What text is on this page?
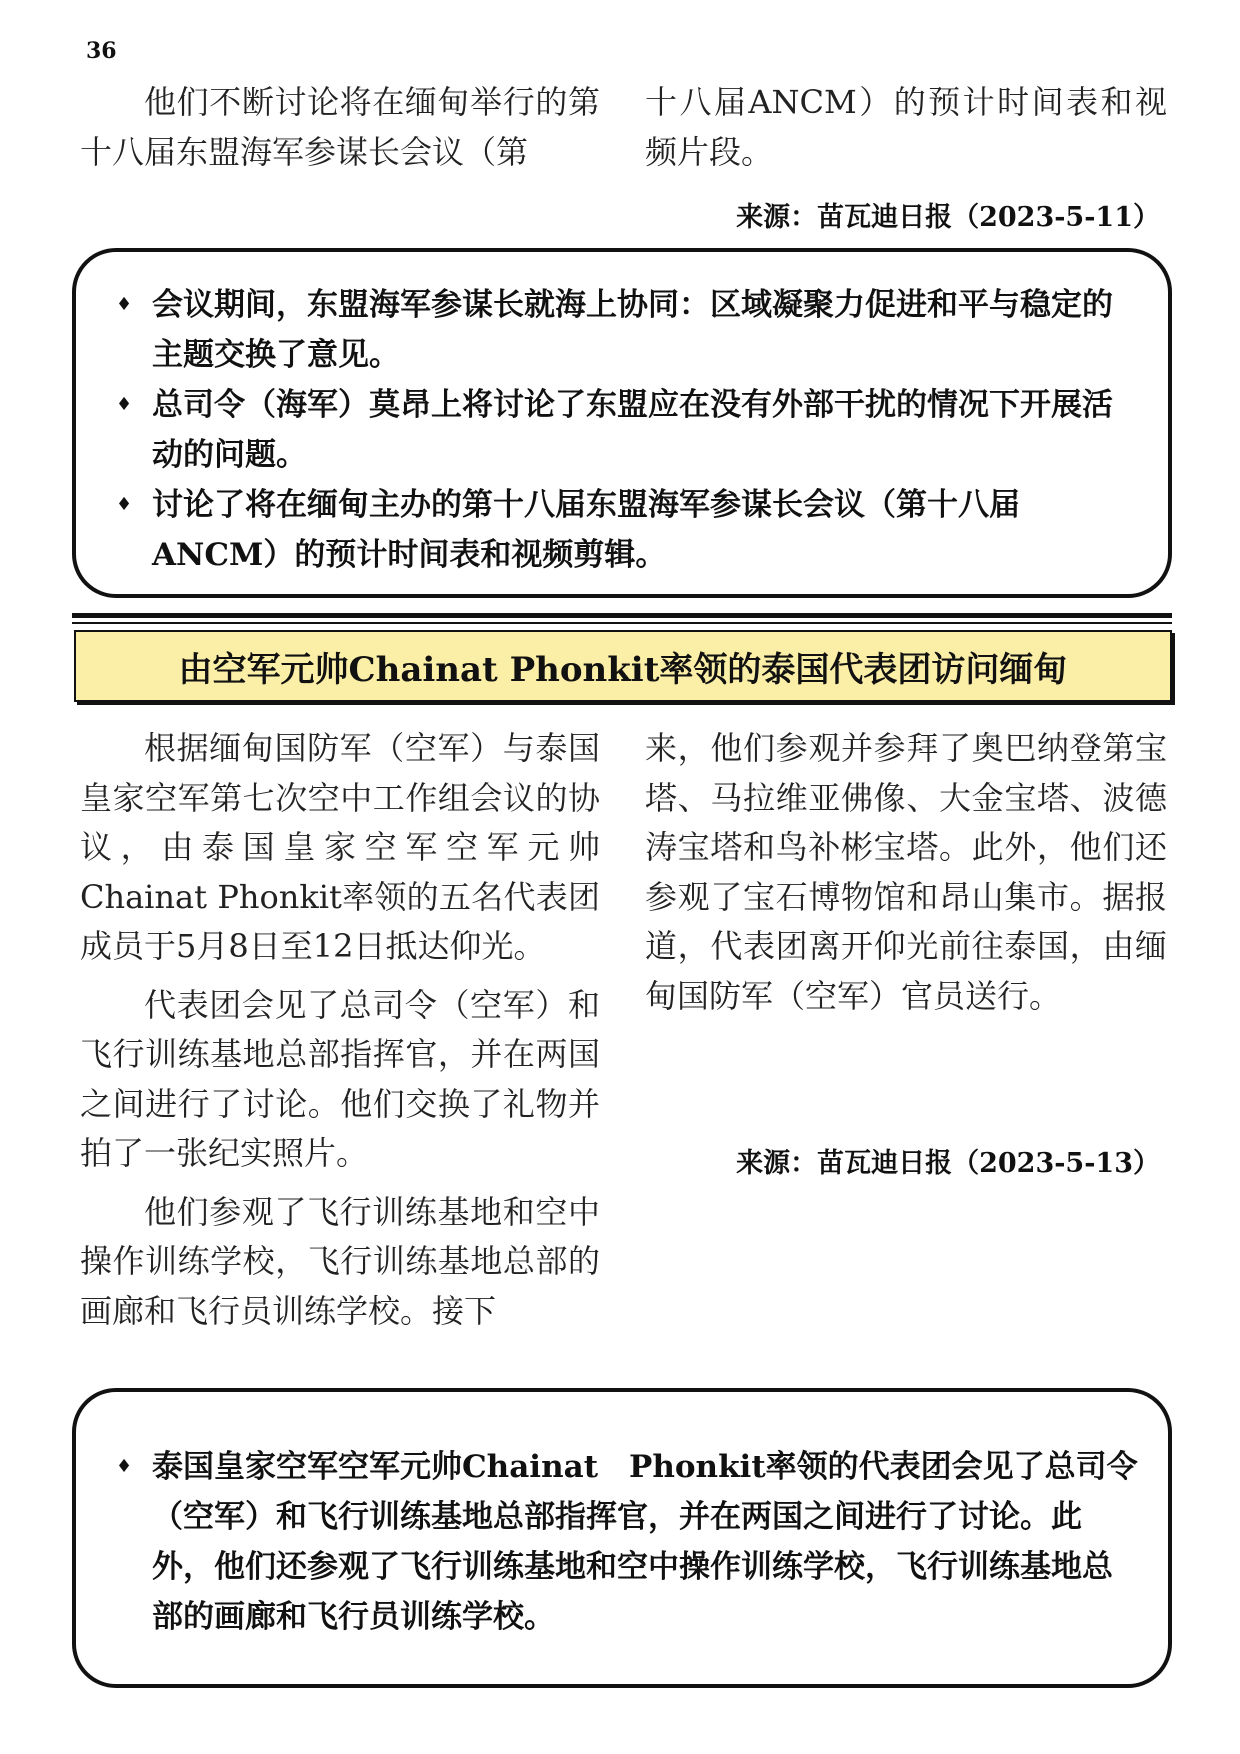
36

他们不断讨论将在缅甸举行的第十八届东盟海军参谋长会议（第

十八届ANCM）的预计时间表和视频片段。

来源：苗瓦迪日报（2023-5-11）
♦ 会议期间，东盟海军参谋长就海上协同：区域凝聚力促进和平与稳定的主题交换了意见。
♦ 总司令（海军）莫昂上将讨论了东盟应在没有外部干扰的情况下开展活动的问题。
♦ 讨论了将在缅甸主办的第十八届东盟海军参谋长会议（第十八届ANCM）的预计时间表和视频剪辑。
由空军元帅Chainat Phonkit率领的泰国代表团访问缅甸

根据缅甸国防军（空军）与泰国皇家空军第七次空中工作组会议的协议，由泰国皇家空军空军元帅Chainat Phonkit率领的五名代表团成员于5月8日至12日抵达仰光。

代表团会见了总司令（空军）和飞行训练基地总部指挥官，并在两国之间进行了讨论。他们交换了礼物并拍了一张纪实照片。

他们参观了飞行训练基地和空中操作训练学校，飞行训练基地总部的画廊和飞行员训练学校。接下

来，他们参观并参拜了奥巴纳登第宝塔、马拉维亚佛像、大金宝塔、波德涛宝塔和鸟补彬宝塔。此外，他们还参观了宝石博物馆和昂山集市。据报道，代表团离开仰光前往泰国，由缅甸国防军（空军）官员送行。

来源：苗瓦迪日报（2023-5-13）
♦ 泰国皇家空军空军元帅Chainat　Phonkit率领的代表团会见了总司令（空军）和飞行训练基地总部指挥官，并在两国之间进行了讨论。此外，他们还参观了飞行训练基地和空中操作训练学校，飞行训练基地总部的画廊和飞行员训练学校。
